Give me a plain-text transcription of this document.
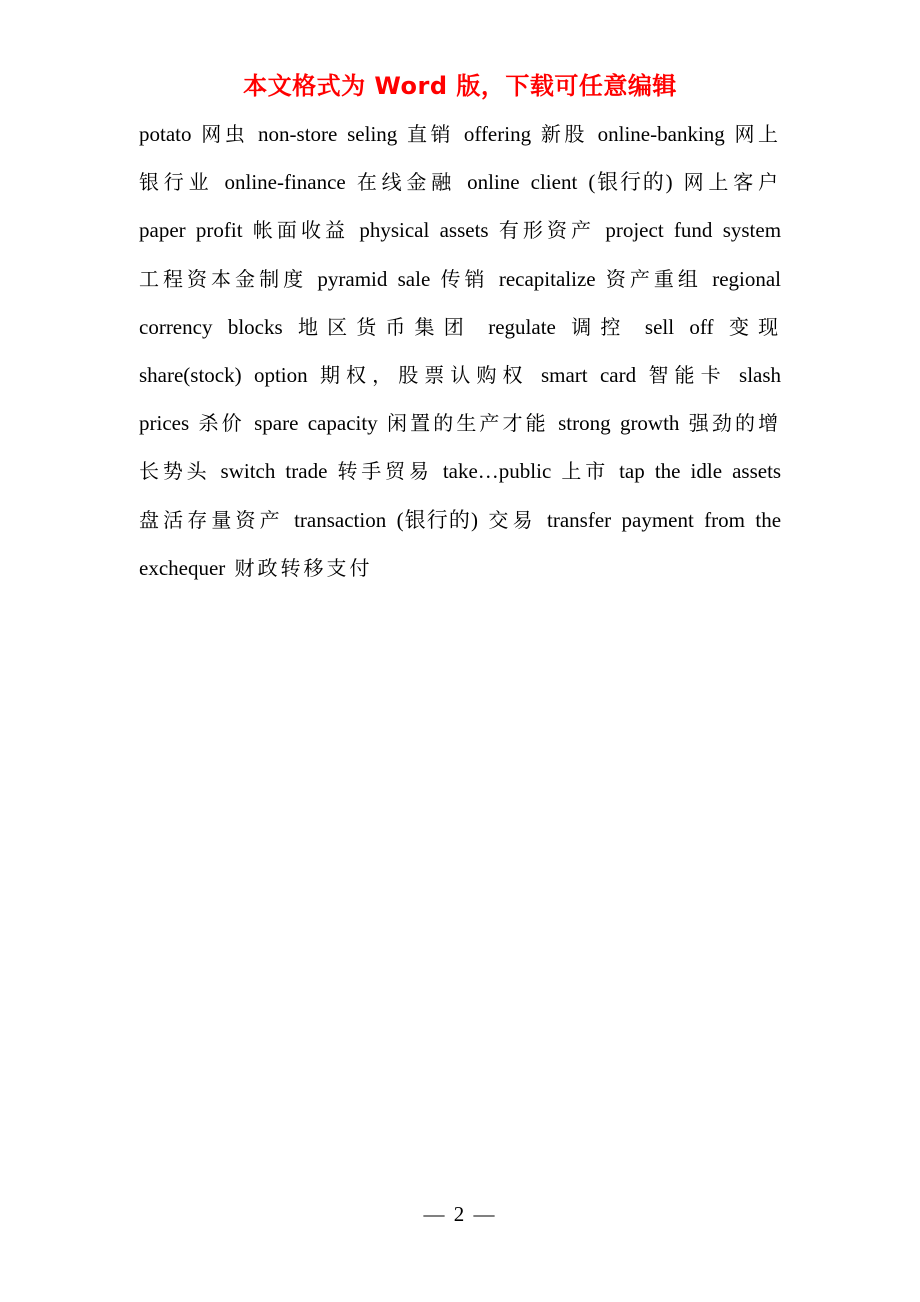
本文格式为 Word 版，下载可任意编辑
potato 网虫 non-store seling 直销 offering 新股 online-banking 网上银行业 online-finance 在线金融 online client (银行的) 网上客户 paper profit 帐面收益 physical assets 有形资产 project fund system 工程资本金制度 pyramid sale 传销 recapitalize 资产重组 regional correncу blocks 地区货币集团 regulate 调控 sell off 变现 share(stock) option 期权，股票认购权 smart card 智能卡 slash prices 杀价 spare capacity 闲置的生产才能 strong growth 强劲的增长势头 switch trade 转手贸易 take…public 上市 tap the idle assets 盘活存量资产 transaction (银行的) 交易 transfer payment from the exchequer 财政转移支付
— 2 —
